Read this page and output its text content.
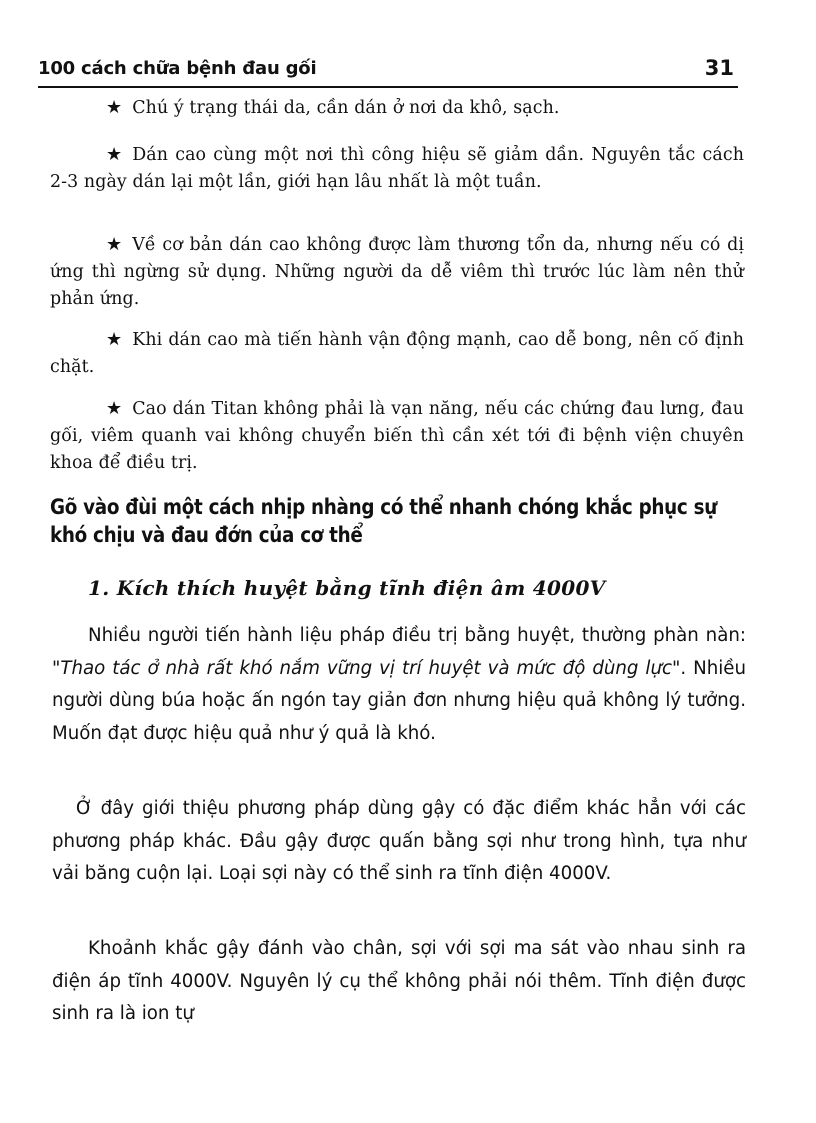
100 cách chữa bệnh đau gối	31

★ Chú ý trạng thái da, cần dán ở nơi da khô, sạch.

★ Dán cao cùng một nơi thì công hiệu sẽ giảm dần. Nguyên tắc cách 2-3 ngày dán lại một lần, giới hạn lâu nhất là một tuần.

★ Về cơ bản dán cao không được làm thương tổn da, nhưng nếu có dị ứng thì ngừng sử dụng. Những người da dễ viêm thì trước lúc làm nên thử phản ứng.

★ Khi dán cao mà tiến hành vận động mạnh, cao dễ bong, nên cố định chặt.

★ Cao dán Titan không phải là vạn năng, nếu các chứng đau lưng, đau gối, viêm quanh vai không chuyển biến thì cần xét tới đi bệnh viện chuyên khoa để điều trị.

Gõ vào đùi một cách nhịp nhàng có thể nhanh chóng khắc phục sự khó chịu và đau đớn của cơ thể
1. Kích thích huyệt bằng tĩnh điện âm 4000V

Nhiều người tiến hành liệu pháp điều trị bằng huyệt, thường phàn nàn: "Thao tác ở nhà rất khó nắm vững vị trí huyệt và mức độ dùng lực". Nhiều người dùng búa hoặc ấn ngón tay giản đơn nhưng hiệu quả không lý tưởng. Muốn đạt được hiệu quả như ý quả là khó.

Ở đây giới thiệu phương pháp dùng gậy có đặc điểm khác hẳn với các phương pháp khác. Đầu gậy được quấn bằng sợi như trong hình, tựa như vải băng cuộn lại. Loại sợi này có thể sinh ra tĩnh điện 4000V.

Khoảnh khắc gậy đánh vào chân, sợi với sợi ma sát vào nhau sinh ra điện áp tĩnh 4000V. Nguyên lý cụ thể không phải nói thêm. Tĩnh điện được sinh ra là ion tự
